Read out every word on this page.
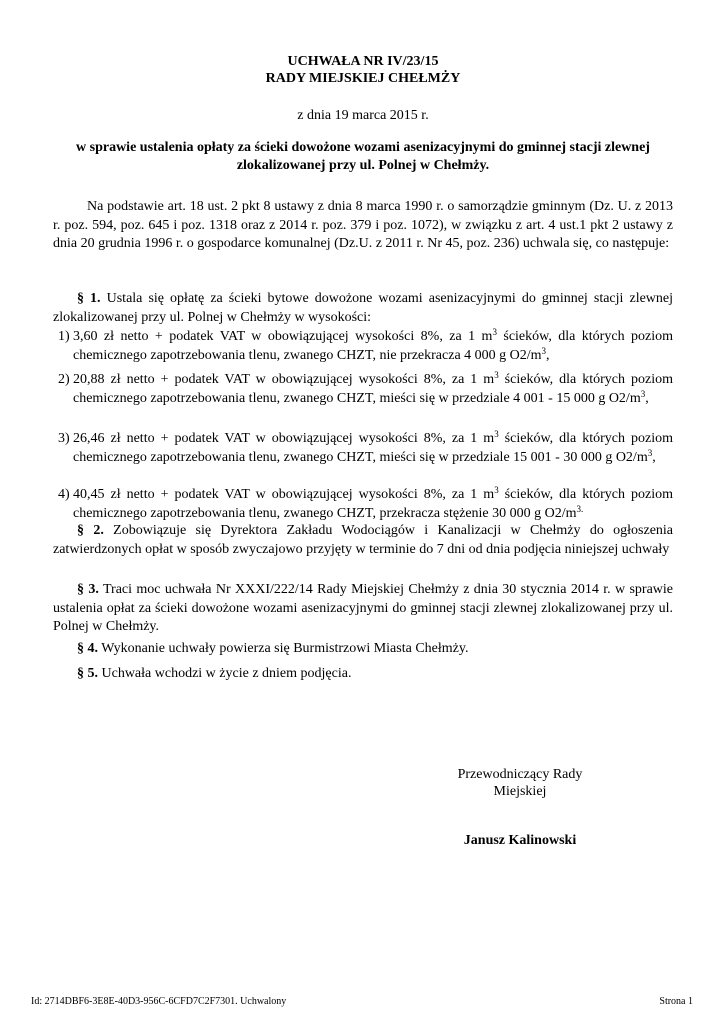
UCHWAŁA NR IV/23/15
RADY MIEJSKIEJ CHEŁMŻY
z dnia 19 marca 2015 r.
w sprawie ustalenia opłaty za ścieki dowożone wozami asenizacyjnymi do gminnej stacji zlewnej zlokalizowanej przy ul. Polnej w Chełmży.

Na podstawie art. 18 ust. 2 pkt 8 ustawy z dnia 8 marca 1990 r. o samorządzie gminnym (Dz. U. z 2013 r. poz. 594, poz. 645 i poz. 1318 oraz z 2014 r. poz. 379 i poz. 1072), w związku z art. 4 ust.1 pkt 2 ustawy z dnia 20 grudnia 1996 r. o gospodarce komunalnej (Dz.U. z 2011 r. Nr 45, poz. 236) uchwala się, co następuje:

§ 1. Ustala się opłatę za ścieki bytowe dowożone wozami asenizacyjnymi do gminnej stacji zlewnej zlokalizowanej przy ul. Polnej w Chełmży w wysokości:

1) 3,60 zł netto + podatek VAT w obowiązującej wysokości 8%, za 1 $m^3$ ścieków, dla których poziom chemicznego zapotrzebowania tlenu, zwanego CHZT, nie przekracza 4 000 g $O2/m^3$,
2) 20,88 zł netto + podatek VAT w obowiązującej wysokości 8%, za 1 $m^3$ ścieków, dla których poziom chemicznego zapotrzebowania tlenu, zwanego CHZT, mieści się w przedziale 4 001 - 15 000 g $O2/m^3$,
3) 26,46 zł netto + podatek VAT w obowiązującej wysokości 8%, za 1 $m^3$ ścieków, dla których poziom chemicznego zapotrzebowania tlenu, zwanego CHZT, mieści się w przedziale 15 001 - 30 000 g $O2/m^3$,
4) 40,45 zł netto + podatek VAT w obowiązującej wysokości 8%, za 1 $m^3$ ścieków, dla których poziom chemicznego zapotrzebowania tlenu, zwanego CHZT, przekracza stężenie 30 000 g $O2/m^{3.}$

§ 2. Zobowiązuje się Dyrektora Zakładu Wodociągów i Kanalizacji w Chełmży do ogłoszenia zatwierdzonych opłat w sposób zwyczajowo przyjęty w terminie do 7 dni od dnia podjęcia niniejszej uchwały

§ 3. Traci moc uchwała Nr XXXI/222/14 Rady Miejskiej Chełmży z dnia 30 stycznia 2014 r. w sprawie ustalenia opłat za ścieki dowożone wozami asenizacyjnymi do gminnej stacji zlewnej zlokalizowanej przy ul. Polnej w Chełmży.

§ 4. Wykonanie uchwały powierza się Burmistrzowi Miasta Chełmży.

§ 5. Uchwała wchodzi w życie z dniem podjęcia.

Przewodniczący Rady
Miejskiej
Janusz Kalinowski
Id: 2714DBF6-3E8E-40D3-956C-6CFD7C2F7301. Uchwalony	Strona 1
